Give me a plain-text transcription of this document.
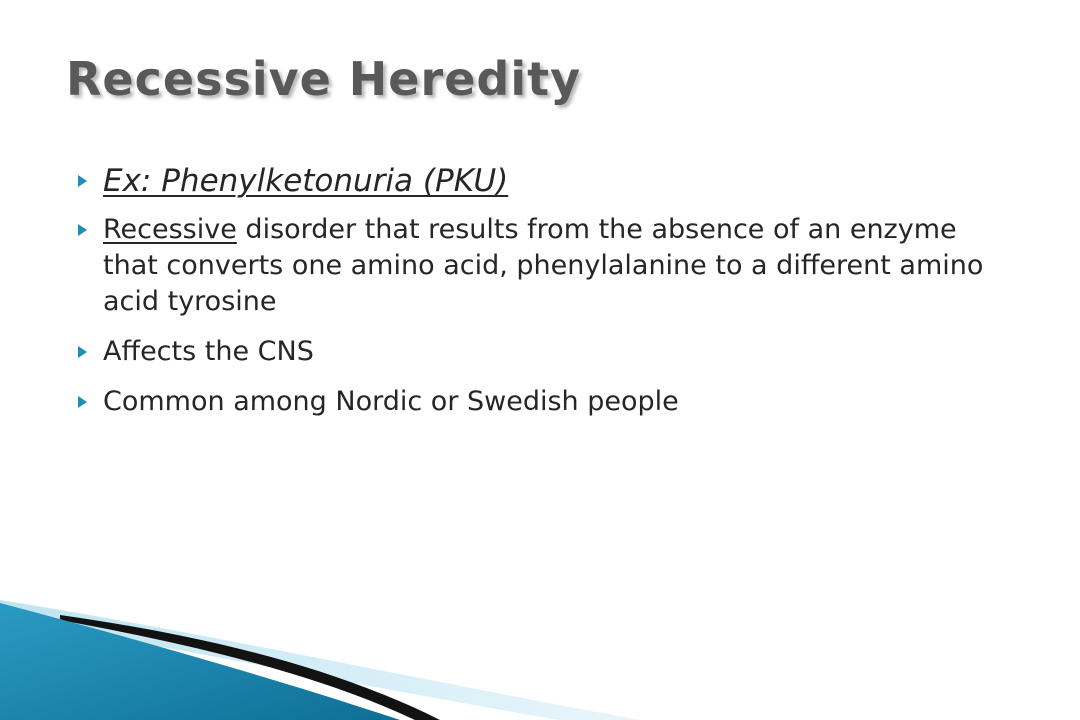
Recessive Heredity
Ex: Phenylketonuria (PKU)
Recessive disorder that results from the absence of an enzyme that converts one amino acid, phenylalanine to a different amino acid tyrosine
Affects the CNS
Common among Nordic or Swedish people
